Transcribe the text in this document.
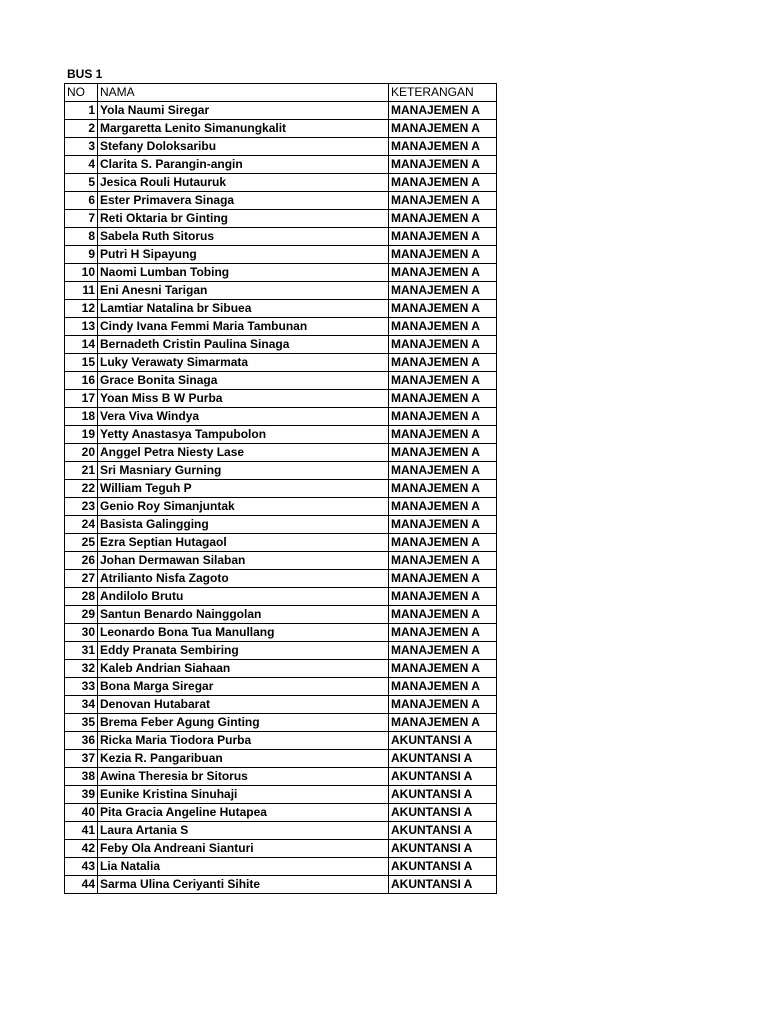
BUS 1
NO	NAMA	KETERANGAN
1	Yola Naumi Siregar	MANAJEMEN A
2	Margaretta Lenito Simanungkalit	MANAJEMEN A
3	Stefany Doloksaribu	MANAJEMEN A
4	Clarita S. Parangin-angin	MANAJEMEN A
5	Jesica Rouli Hutauruk	MANAJEMEN A
6	Ester Primavera Sinaga	MANAJEMEN A
7	Reti Oktaria br Ginting	MANAJEMEN A
8	Sabela Ruth Sitorus	MANAJEMEN A
9	Putri H Sipayung	MANAJEMEN A
10	Naomi Lumban Tobing	MANAJEMEN A
11	Eni Anesni Tarigan	MANAJEMEN A
12	Lamtiar Natalina br Sibuea	MANAJEMEN A
13	Cindy Ivana Femmi Maria Tambunan	MANAJEMEN A
14	Bernadeth Cristin Paulina Sinaga	MANAJEMEN A
15	Luky Verawaty Simarmata	MANAJEMEN A
16	Grace Bonita Sinaga	MANAJEMEN A
17	Yoan Miss B W Purba	MANAJEMEN A
18	Vera Viva Windya	MANAJEMEN A
19	Yetty Anastasya Tampubolon	MANAJEMEN A
20	Anggel Petra Niesty Lase	MANAJEMEN A
21	Sri Masniary Gurning	MANAJEMEN A
22	William Teguh P	MANAJEMEN A
23	Genio Roy Simanjuntak	MANAJEMEN A
24	Basista Galingging	MANAJEMEN A
25	Ezra Septian Hutagaol	MANAJEMEN A
26	Johan Dermawan Silaban	MANAJEMEN A
27	Atrilianto Nisfa Zagoto	MANAJEMEN A
28	Andilolo Brutu	MANAJEMEN A
29	Santun Benardo Nainggolan	MANAJEMEN A
30	Leonardo Bona Tua Manullang	MANAJEMEN A
31	Eddy Pranata Sembiring	MANAJEMEN A
32	Kaleb Andrian Siahaan	MANAJEMEN A
33	Bona Marga Siregar	MANAJEMEN A
34	Denovan Hutabarat	MANAJEMEN A
35	Brema Feber Agung Ginting	MANAJEMEN A
36	Ricka Maria Tiodora Purba	AKUNTANSI A
37	Kezia R. Pangaribuan	AKUNTANSI A
38	Awina Theresia br Sitorus	AKUNTANSI A
39	Eunike Kristina Sinuhaji	AKUNTANSI A
40	Pita Gracia Angeline Hutapea	AKUNTANSI A
41	Laura Artania S	AKUNTANSI A
42	Feby Ola Andreani Sianturi	AKUNTANSI A
43	Lia Natalia	AKUNTANSI A
44	Sarma Ulina Ceriyanti Sihite	AKUNTANSI A
